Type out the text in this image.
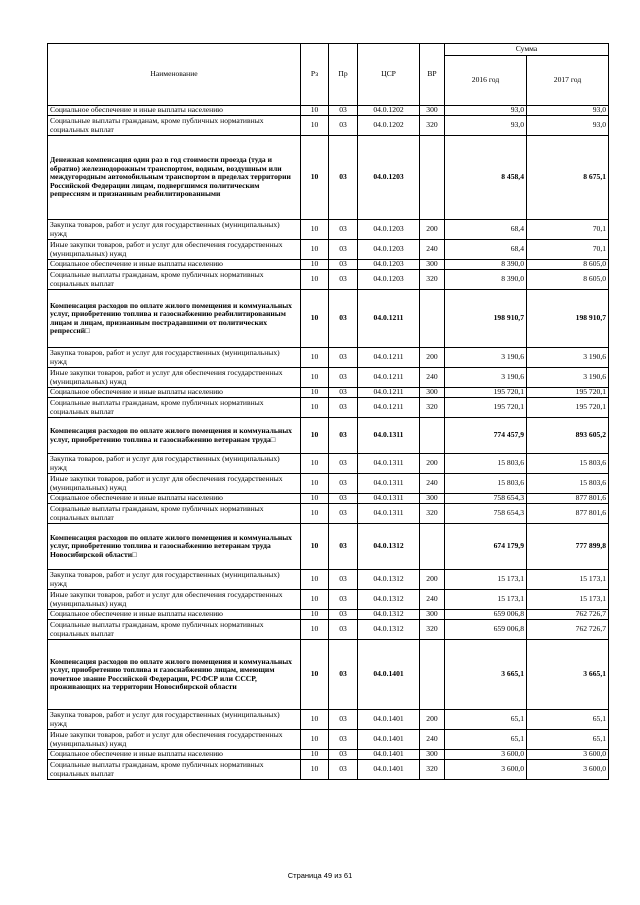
Наименование	Рз	Пр	ЦСР	ВР	Сумма	
					2016 год	2017 год
Социальное обеспечение и иные выплаты населению	10	03	04.0.1202	300	93,0	93,0
Социальные выплаты гражданам, кроме публичных нормативных социальных выплат	10	03	04.0.1202	320	93,0	93,0
Денежная компенсация один раз в год стоимости проезда (туда и обратно) железнодорожным транспортом, водным, воздушным или междугородным автомобильным транспортом в пределах территории Российской Федерации лицам, подвергшимся политическим репрессиям и признанным реабилитированными	10	03	04.0.1203		8 458,4	8 675,1
Закупка товаров, работ и услуг для государственных (муниципальных) нужд	10	03	04.0.1203	200	68,4	70,1
Иные закупки товаров, работ и услуг для обеспечения государственных (муниципальных) нужд	10	03	04.0.1203	240	68,4	70,1
Социальное обеспечение и иные выплаты населению	10	03	04.0.1203	300	8 390,0	8 605,0
Социальные выплаты гражданам, кроме публичных нормативных социальных выплат	10	03	04.0.1203	320	8 390,0	8 605,0
Компенсация расходов по оплате жилого помещения и коммунальных услуг, приобретению топлива и газоснабжению реабилитированным лицам и лицам, признанным пострадавшими от политических репрессий□	10	03	04.0.1211		198 910,7	198 910,7
Закупка товаров, работ и услуг для государственных (муниципальных) нужд	10	03	04.0.1211	200	3 190,6	3 190,6
Иные закупки товаров, работ и услуг для обеспечения государственных (муниципальных) нужд	10	03	04.0.1211	240	3 190,6	3 190,6
Социальное обеспечение и иные выплаты населению	10	03	04.0.1211	300	195 720,1	195 720,1
Социальные выплаты гражданам, кроме публичных нормативных социальных выплат	10	03	04.0.1211	320	195 720,1	195 720,1
Компенсация расходов по оплате жилого помещения и коммунальных услуг, приобретению топлива и газоснабжению ветеранам труда□	10	03	04.0.1311		774 457,9	893 605,2
Закупка товаров, работ и услуг для государственных (муниципальных) нужд	10	03	04.0.1311	200	15 803,6	15 803,6
Иные закупки товаров, работ и услуг для обеспечения государственных (муниципальных) нужд	10	03	04.0.1311	240	15 803,6	15 803,6
Социальное обеспечение и иные выплаты населению	10	03	04.0.1311	300	758 654,3	877 801,6
Социальные выплаты гражданам, кроме публичных нормативных социальных выплат	10	03	04.0.1311	320	758 654,3	877 801,6
Компенсация расходов по оплате жилого помещения и коммунальных услуг, приобретению топлива и газоснабжению ветеранам труда Новосибирской области□	10	03	04.0.1312		674 179,9	777 899,8
Закупка товаров, работ и услуг для государственных (муниципальных) нужд	10	03	04.0.1312	200	15 173,1	15 173,1
Иные закупки товаров, работ и услуг для обеспечения государственных (муниципальных) нужд	10	03	04.0.1312	240	15 173,1	15 173,1
Социальное обеспечение и иные выплаты населению	10	03	04.0.1312	300	659 006,8	762 726,7
Социальные выплаты гражданам, кроме публичных нормативных социальных выплат	10	03	04.0.1312	320	659 006,8	762 726,7
Компенсация расходов по оплате жилого помещения и коммунальных услуг, приобретению топлива и газоснабжению лицам, имеющим почетное звание Российской Федерации, РСФСР или СССР, проживающих на территории Новосибирской области	10	03	04.0.1401		3 665,1	3 665,1
Закупка товаров, работ и услуг для государственных (муниципальных) нужд	10	03	04.0.1401	200	65,1	65,1
Иные закупки товаров, работ и услуг для обеспечения государственных (муниципальных) нужд	10	03	04.0.1401	240	65,1	65,1
Социальное обеспечение и иные выплаты населению	10	03	04.0.1401	300	3 600,0	3 600,0
Социальные выплаты гражданам, кроме публичных нормативных социальных выплат	10	03	04.0.1401	320	3 600,0	3 600,0
Страница 49 из 61
